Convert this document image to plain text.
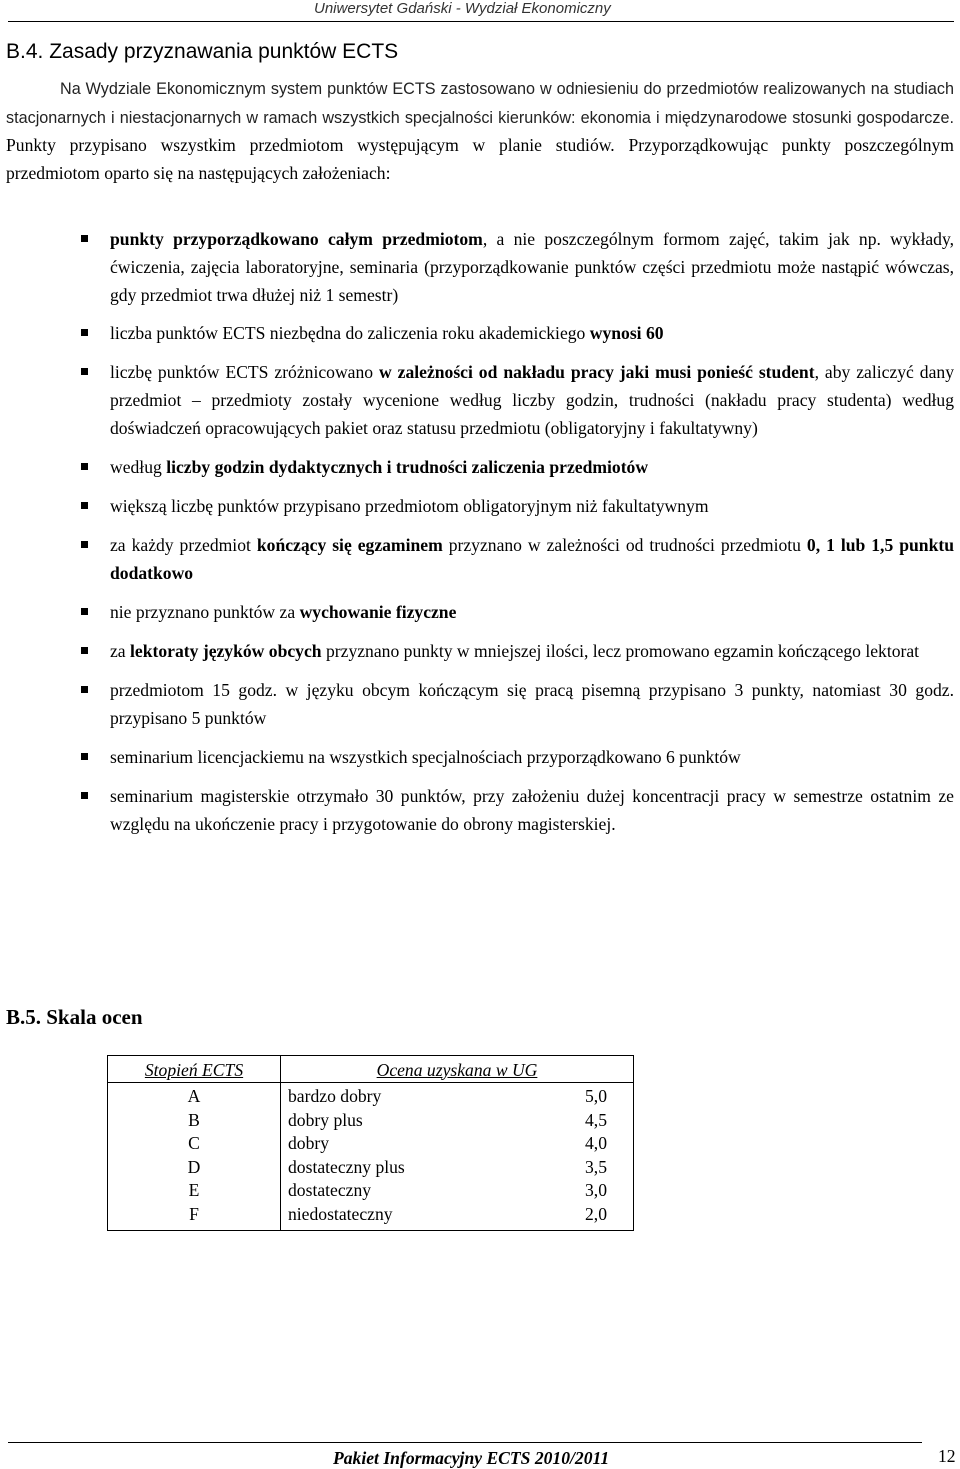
Uniwersytet Gdański - Wydział Ekonomiczny
B.4. Zasady przyznawania punktów ECTS
Na Wydziale Ekonomicznym system punktów ECTS zastosowano w odniesieniu do przedmiotów realizowanych na studiach stacjonarnych i niestacjonarnych w ramach wszystkich specjalności kierunków: ekonomia i międzynarodowe stosunki gospodarcze. Punkty przypisano wszystkim przedmiotom występującym w planie studiów. Przyporządkowując punkty poszczególnym przedmiotom oparto się na następujących założeniach:
punkty przyporządkowano całym przedmiotom, a nie poszczególnym formom zajęć, takim jak np. wykłady, ćwiczenia, zajęcia laboratoryjne, seminaria (przyporządkowanie punktów części przedmiotu może nastąpić wówczas, gdy przedmiot trwa dłużej niż 1 semestr)
liczba punktów ECTS niezbędna do zaliczenia roku akademickiego wynosi 60
liczbę punktów ECTS zróżnicowano w zależności od nakładu pracy jaki musi ponieść student, aby zaliczyć dany przedmiot – przedmioty zostały wycenione według liczby godzin, trudności (nakładu pracy studenta) według doświadczeń opracowujących pakiet oraz statusu przedmiotu (obligatoryjny i fakultatywny)
według liczby godzin dydaktycznych i trudności zaliczenia przedmiotów
większą liczbę punktów przypisano przedmiotom obligatoryjnym niż fakultatywnym
za każdy przedmiot kończący się egzaminem przyznano w zależności od trudności przedmiotu 0, 1 lub 1,5 punktu dodatkowo
nie przyznano punktów za wychowanie fizyczne
za lektoraty języków obcych przyznano punkty w mniejszej ilości, lecz promowano egzamin kończącego lektorat
przedmiotom 15 godz. w języku obcym kończącym się pracą pisemną przypisano 3 punkty, natomiast 30 godz. przypisano 5 punktów
seminarium licencjackiemu na wszystkich specjalnościach przyporządkowano 6 punktów
seminarium magisterskie otrzymało 30 punktów, przy założeniu dużej koncentracji pracy w semestrze ostatnim ze względu na ukończenie pracy i przygotowanie do obrony magisterskiej.
B.5. Skala ocen
Stopień ECTS	Ocena uzyskana w UG	
A	bardzo dobry	5,0
B	dobry plus	4,5
C	dobry	4,0
D	dostateczny plus	3,5
E	dostateczny	3,0
F	niedostateczny	2,0
Pakiet Informacyjny ECTS 2010/2011	12
